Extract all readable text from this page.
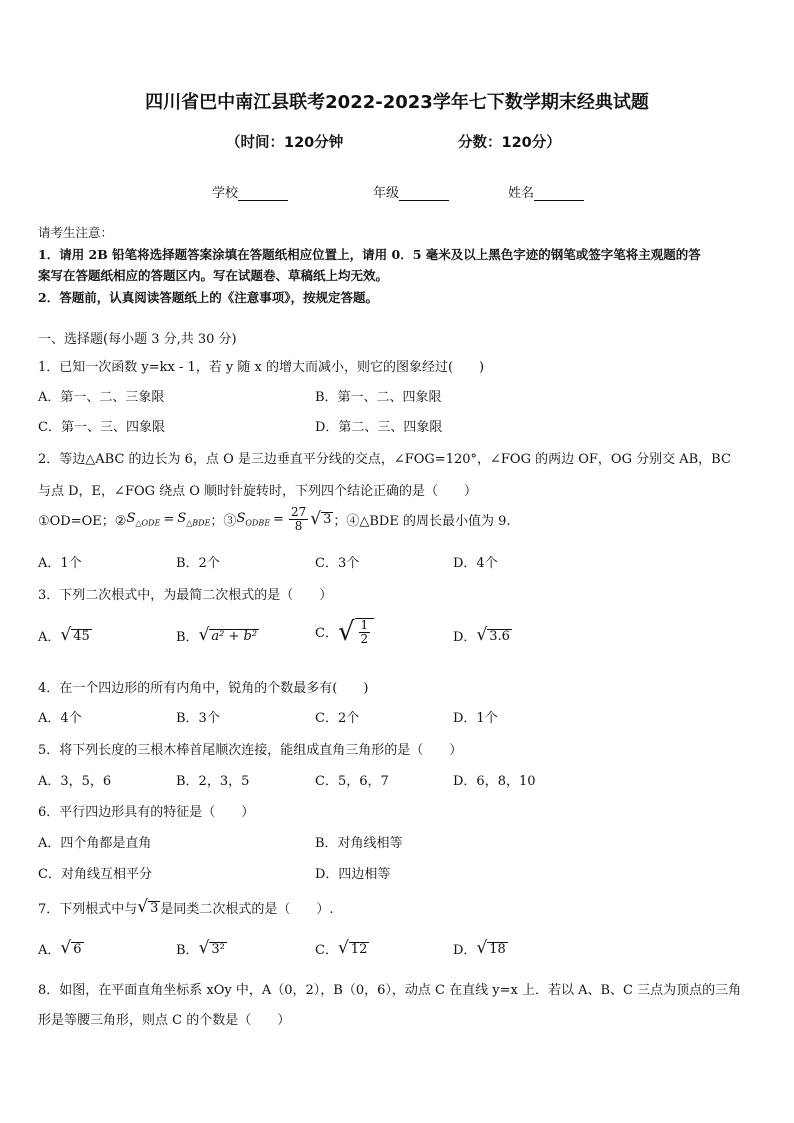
四川省巴中南江县联考2022-2023学年七下数学期末经典试题
（时间：120分钟	分数：120分）
学校	年级	姓名
请考生注意：
1．请用 2B 铅笔将选择题答案涂填在答题纸相应位置上，请用 0．5 毫米及以上黑色字迹的钢笔或签字笔将主观题的答
案写在答题纸相应的答题区内。写在试题卷、草稿纸上均无效。
2．答题前，认真阅读答题纸上的《注意事项》，按规定答题。
一、选择题(每小题 3 分,共 30 分)
1．已知一次函数 y=kx - 1，若 y 随 x 的增大而减小，则它的图象经过(　　)
A．第一、二、三象限	B．第一、二、四象限
C．第一、三、四象限	D．第二、三、四象限
2．等边△ABC 的边长为 6，点 O 是三边垂直平分线的交点，∠FOG=120°，∠FOG 的两边 OF，OG 分别交 AB，BC
与点 D，E，∠FOG 绕点 O 顺时针旋转时，下列四个结论正确的是（　　）
①OD=OE；② $S_{\triangle ODE} = S_{\triangle BDE}$ ；③ $S_{ODBE} = \frac{27}{8}$ √ 3 ；④△BDE 的周长最小值为 9.
A．1个	B．2个	C．3个	D．4个
3．下列二次根式中，为最简二次根式的是（　　）
A． √ 45	B． √ a² + b²	C． √ $\frac{1}{2}$	D． √ 3.6
4．在一个四边形的所有内角中，锐角的个数最多有(　　)
A．4个	B．3个	C．2个	D．1个
5．将下列长度的三根木棒首尾顺次连接，能组成直角三角形的是（　　）
A．3，5，6	B．2，3，5	C．5，6，7	D．6，8，10
6．平行四边形具有的特征是（　　）
A．四个角都是直角	B．对角线相等
C．对角线互相平分	D．四边相等
7．下列根式中与 √ 3 是同类二次根式的是（　　）.
A． √ 6	B． √ 3²	C． √ 12	D． √ 18
8．如图，在平面直角坐标系 xOy 中，A（0，2），B（0，6），动点 C 在直线 y=x 上．若以 A、B、C 三点为顶点的三角
形是等腰三角形，则点 C 的个数是（　　）
